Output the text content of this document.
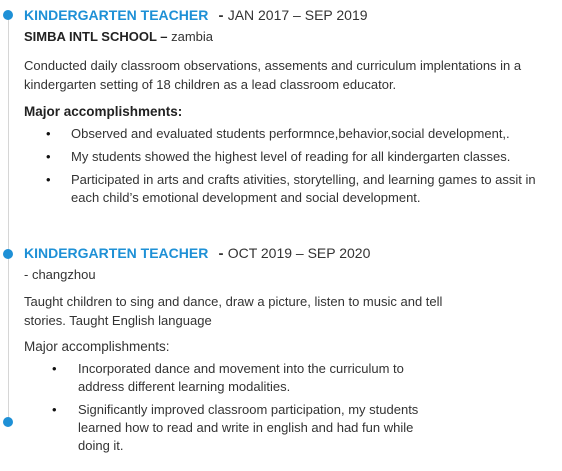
KINDERGARTEN TEACHER - JAN 2017 – SEP 2019
SIMBA INTL SCHOOL – zambia
Conducted daily classroom observations, assements and curriculum implentations in a kindergarten setting of 18 children as a lead classroom educator.
Major accomplishments:
• Observed and evaluated students performnce,behavior,social development,.
• My students showed the highest level of reading for all kindergarten classes.
• Participated in arts and crafts ativities, storytelling, and learning games to assit in each child’s emotional development and social development.
KINDERGARTEN TEACHER - OCT 2019 – SEP 2020
- changzhou
Taught children to sing and dance, draw a picture, listen to music and tell stories. Taught English language
Major accomplishments:
• Incorporated dance and movement into the curriculum to address different learning modalities.
• Significantly improved classroom participation, my students learned how to read and write in english and had fun while doing it.
